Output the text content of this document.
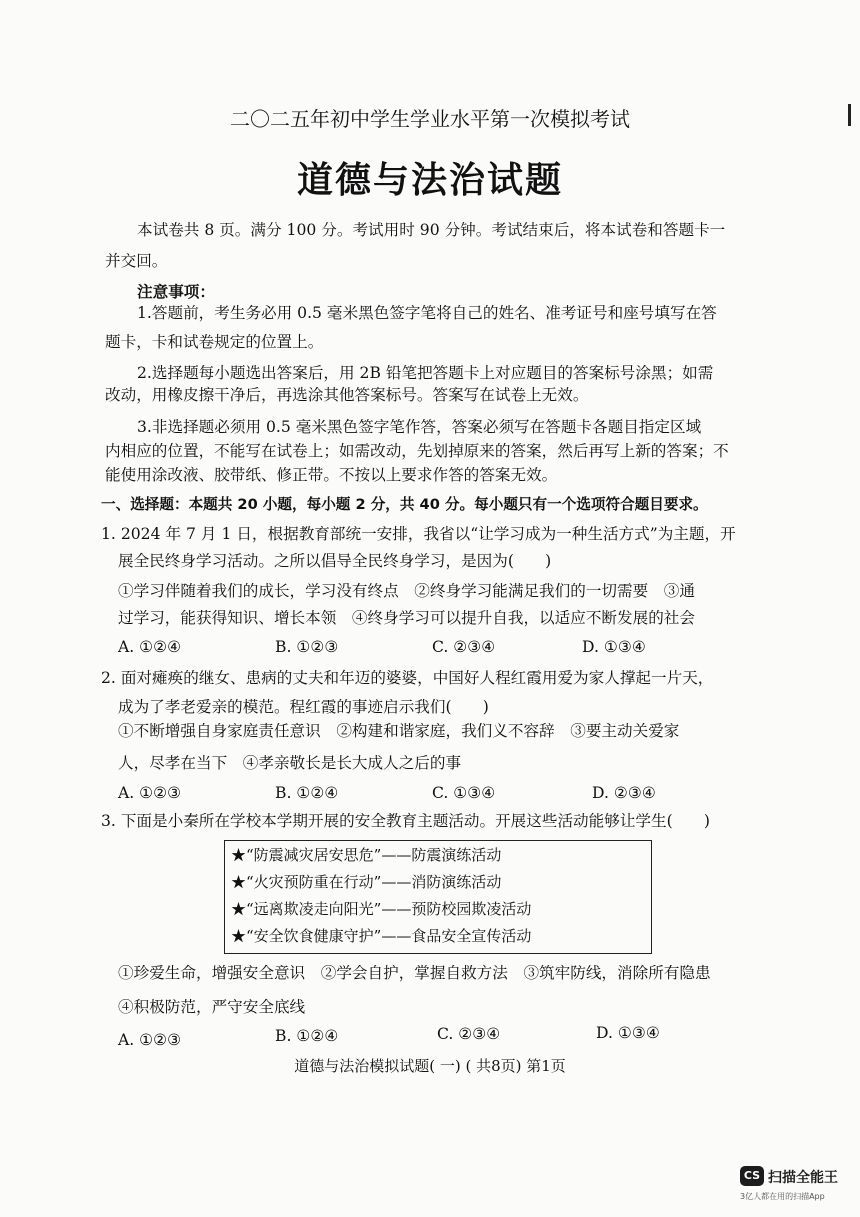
二〇二五年初中学生学业水平第一次模拟考试
道德与法治试题
本试卷共 8 页。满分 100 分。考试用时 90 分钟。考试结束后，将本试卷和答题卡一
并交回。
注意事项：
1.答题前，考生务必用 0.5 毫米黑色签字笔将自己的姓名、准考证号和座号填写在答
题卡，卡和试卷规定的位置上。
2.选择题每小题选出答案后，用 2B 铅笔把答题卡上对应题目的答案标号涂黑；如需
改动，用橡皮擦干净后，再选涂其他答案标号。答案写在试卷上无效。
3.非选择题必须用 0.5 毫米黑色签字笔作答，答案必须写在答题卡各题目指定区域
内相应的位置，不能写在试卷上；如需改动，先划掉原来的答案，然后再写上新的答案；不
能使用涂改液、胶带纸、修正带。不按以上要求作答的答案无效。
一、选择题：本题共 20 小题，每小题 2 分，共 40 分。每小题只有一个选项符合题目要求。
1. 2024 年 7 月 1 日，根据教育部统一安排，我省以“让学习成为一种生活方式”为主题，开
展全民终身学习活动。之所以倡导全民终身学习，是因为(　　)
①学习伴随着我们的成长，学习没有终点　②终身学习能满足我们的一切需要　③通
过学习，能获得知识、增长本领　④终身学习可以提升自我，以适应不断发展的社会
A. ①②④	B. ①②③	C. ②③④	D. ①③④
2. 面对瘫痪的继女、患病的丈夫和年迈的婆婆，中国好人程红霞用爱为家人撑起一片天，
成为了孝老爱亲的模范。程红霞的事迹启示我们(　　)
①不断增强自身家庭责任意识　②构建和谐家庭，我们义不容辞　③要主动关爱家
人，尽孝在当下　④孝亲敬长是长大成人之后的事
A. ①②③	B. ①②④	C. ①③④	D. ②③④
3. 下面是小秦所在学校本学期开展的安全教育主题活动。开展这些活动能够让学生(　　)
★“防震减灾居安思危”——防震演练活动
★“火灾预防重在行动”——消防演练活动
★“远离欺凌走向阳光”——预防校园欺凌活动
★“安全饮食健康守护”——食品安全宣传活动
①珍爱生命，增强安全意识　②学会自护，掌握自救方法　③筑牢防线，消除所有隐患
④积极防范，严守安全底线
A. ①②③	B. ①②④	C. ②③④	D. ①③④
道德与法治模拟试题( 一) ( 共8页) 第1页
CS 扫描全能王
3亿人都在用的扫描App
